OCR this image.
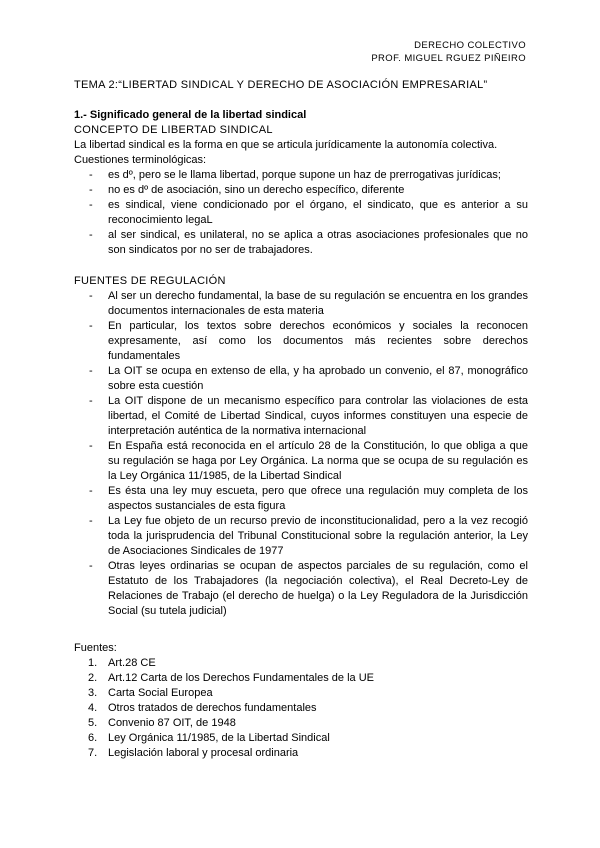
DERECHO COLECTIVO
PROF. MIGUEL RGUEZ PIÑEIRO
TEMA 2:“LIBERTAD SINDICAL Y DERECHO DE ASOCIACIÓN EMPRESARIAL”
1.- Significado general de la libertad sindical
CONCEPTO DE LIBERTAD SINDICAL
La libertad sindical es la forma en que se articula jurídicamente la autonomía colectiva.
Cuestiones terminológicas:
- es dº, pero se le llama libertad, porque supone un haz de prerrogativas jurídicas;
- no es dº de asociación, sino un derecho específico, diferente
- es sindical, viene condicionado por el órgano, el sindicato, que es anterior a su reconocimiento legaL
- al ser sindical, es unilateral, no se aplica a otras asociaciones profesionales que no son sindicatos por no ser de trabajadores.
FUENTES DE REGULACIÓN
- Al ser un derecho fundamental, la base de su regulación se encuentra en los grandes documentos internacionales de esta materia
- En particular, los textos sobre derechos económicos y sociales la reconocen expresamente, así como los documentos más recientes sobre derechos fundamentales
- La OIT se ocupa en extenso de ella, y ha aprobado un convenio, el 87, monográfico sobre esta cuestión
- La OIT dispone de un mecanismo específico para controlar las violaciones de esta libertad, el Comité de Libertad Sindical, cuyos informes constituyen una especie de interpretación auténtica de la normativa internacional
- En España está reconocida en el artículo 28 de la Constitución, lo que obliga a que su regulación se haga por Ley Orgánica. La norma que se ocupa de su regulación es la Ley Orgánica 11/1985, de la Libertad Sindical
- Es ésta una ley muy escueta, pero que ofrece una regulación muy completa de los aspectos sustanciales de esta figura
- La Ley fue objeto de un recurso previo de inconstitucionalidad, pero a la vez recogió toda la jurisprudencia del Tribunal Constitucional sobre la regulación anterior, la Ley de Asociaciones Sindicales de 1977
- Otras leyes ordinarias se ocupan de aspectos parciales de su regulación, como el Estatuto de los Trabajadores (la negociación colectiva), el Real Decreto-Ley de Relaciones de Trabajo (el derecho de huelga) o la Ley Reguladora de la Jurisdicción Social (su tutela judicial)
Fuentes:
1. Art.28 CE
2. Art.12 Carta de los Derechos Fundamentales de la UE
3. Carta Social Europea
4. Otros tratados de derechos fundamentales
5. Convenio 87 OIT, de 1948
6. Ley Orgánica 11/1985, de la Libertad Sindical
7. Legislación laboral y procesal ordinaria
